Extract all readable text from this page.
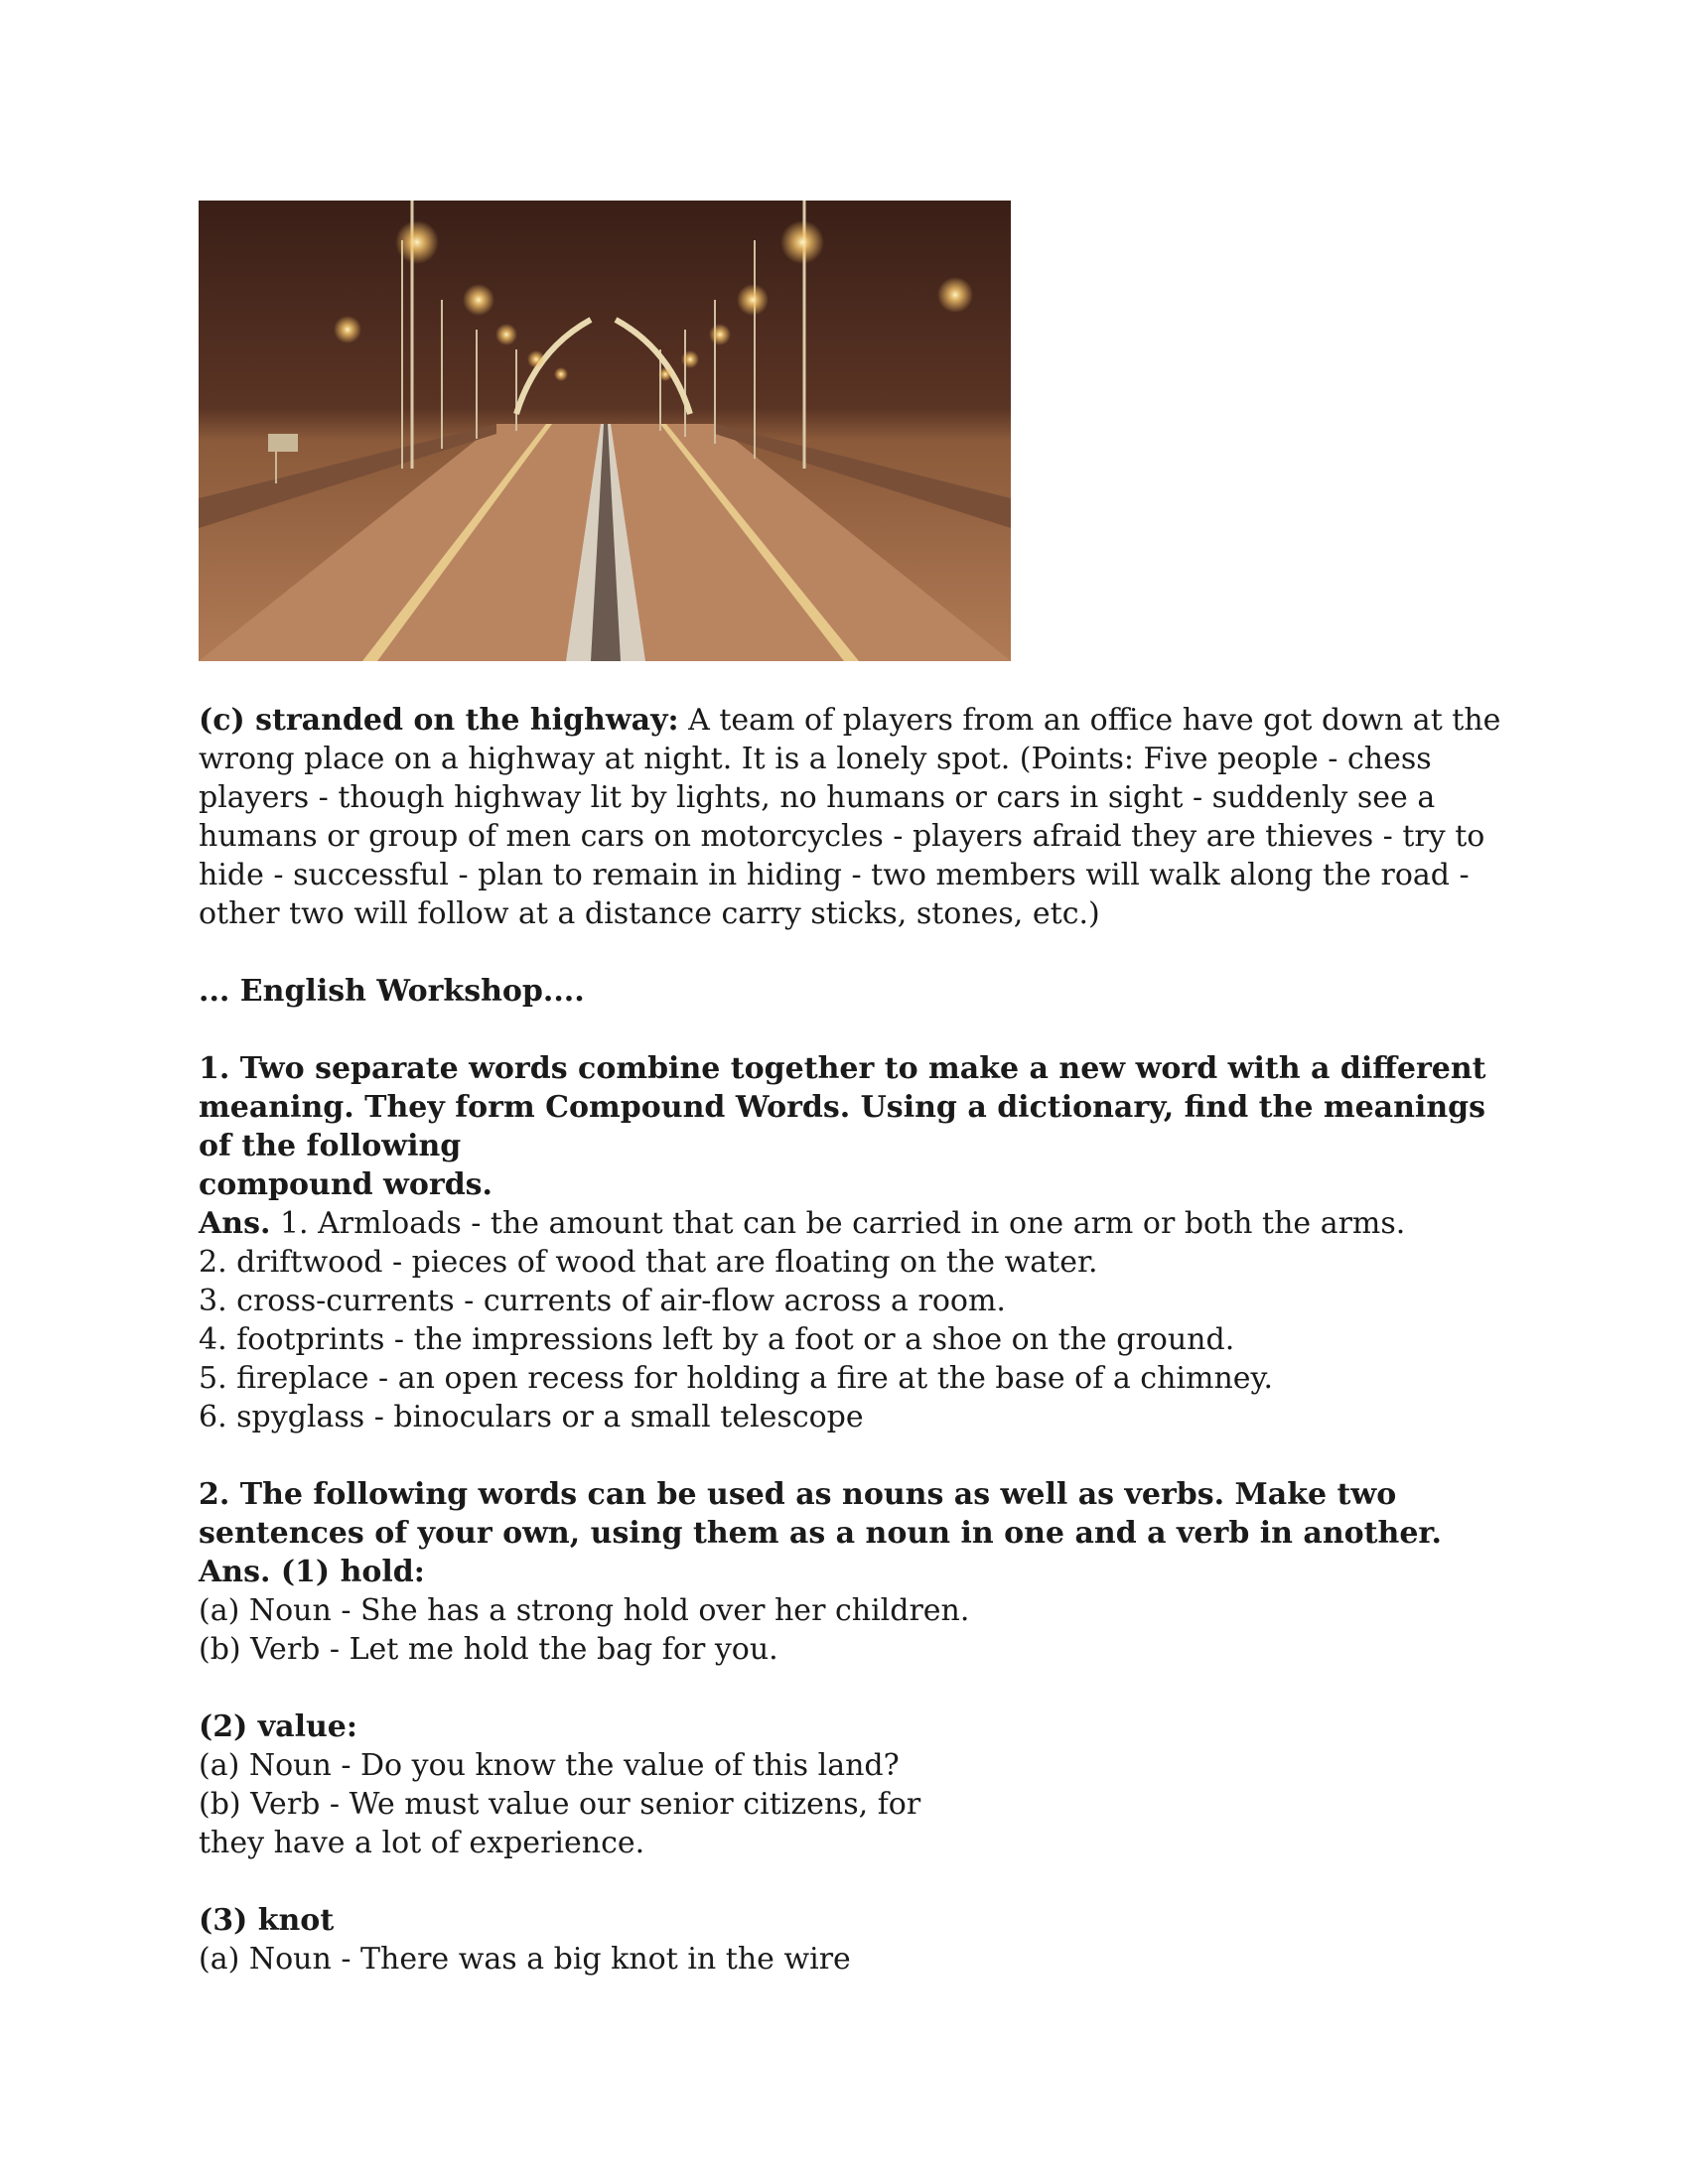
(c) stranded on the highway: A team of players from an office have got down at the wrong place on a highway at night. It is a lonely spot. (Points: Five people - chess players - though highway lit by lights, no humans or cars in sight - suddenly see a humans or group of men cars on motorcycles - players afraid they are thieves - try to hide - successful - plan to remain in hiding - two members will walk along the road - other two will follow at a distance carry sticks, stones, etc.)

... English Workshop....

1. Two separate words combine together to make a new word with a different meaning. They form Compound Words. Using a dictionary, find the meanings of the following

compound words.

Ans. 1. Armloads - the amount that can be carried in one arm or both the arms.

2. driftwood - pieces of wood that are floating on the water.

3. cross-currents - currents of air-flow across a room.

4. footprints - the impressions left by a foot or a shoe on the ground.

5. fireplace - an open recess for holding a fire at the base of a chimney.

6. spyglass - binoculars or a small telescope

2. The following words can be used as nouns as well as verbs. Make two sentences of your own, using them as a noun in one and a verb in another.

Ans. (1) hold:

(a) Noun - She has a strong hold over her children.

(b) Verb - Let me hold the bag for you.

(2) value:

(a) Noun - Do you know the value of this land?

(b) Verb - We must value our senior citizens, for

they have a lot of experience.

(3) knot

(a) Noun - There was a big knot in the wire
